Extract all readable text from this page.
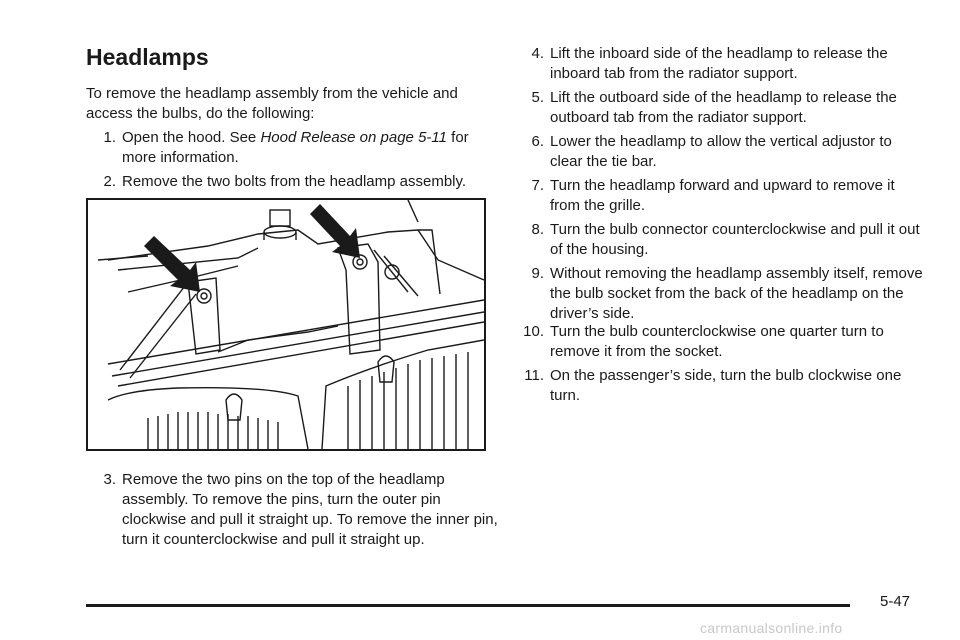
Headlamps
To remove the headlamp assembly from the vehicle and access the bulbs, do the following:
1. Open the hood. See Hood Release on page 5-11 for more information.
2. Remove the two bolts from the headlamp assembly.
3. Remove the two pins on the top of the headlamp assembly. To remove the pins, turn the outer pin clockwise and pull it straight up. To remove the inner pin, turn it counterclockwise and pull it straight up.
4. Lift the inboard side of the headlamp to release the inboard tab from the radiator support.
5. Lift the outboard side of the headlamp to release the outboard tab from the radiator support.
6. Lower the headlamp to allow the vertical adjustor to clear the tie bar.
7. Turn the headlamp forward and upward to remove it from the grille.
8. Turn the bulb connector counterclockwise and pull it out of the housing.
9. Without removing the headlamp assembly itself, remove the bulb socket from the back of the headlamp on the driver’s side.
10. Turn the bulb counterclockwise one quarter turn to remove it from the socket.
11. On the passenger’s side, turn the bulb clockwise one turn.
5-47
carmanualsonline.info
